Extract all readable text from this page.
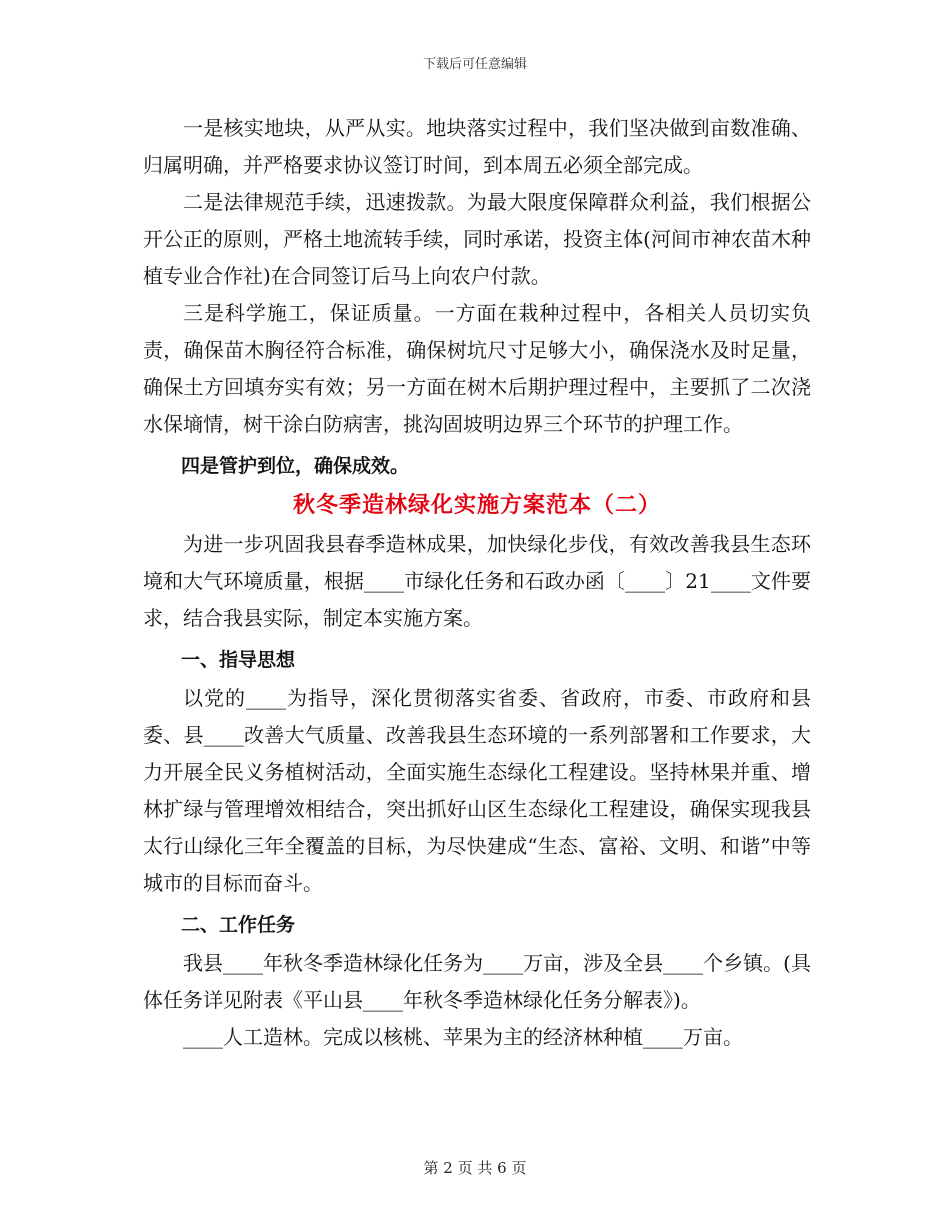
下载后可任意编辑

一是核实地块，从严从实。地块落实过程中，我们坚决做到亩数准确、归属明确，并严格要求协议签订时间，到本周五必须全部完成。

二是法律规范手续，迅速拨款。为最大限度保障群众利益，我们根据公开公正的原则，严格土地流转手续，同时承诺，投资主体(河间市神农苗木种植专业合作社)在合同签订后马上向农户付款。

三是科学施工，保证质量。一方面在栽种过程中，各相关人员切实负责，确保苗木胸径符合标准，确保树坑尺寸足够大小，确保浇水及时足量，确保土方回填夯实有效；另一方面在树木后期护理过程中，主要抓了二次浇水保墒情，树干涂白防病害，挑沟固坡明边界三个环节的护理工作。

四是管护到位，确保成效。

秋冬季造林绿化实施方案范本（二）

为进一步巩固我县春季造林成果，加快绿化步伐，有效改善我县生态环境和大气环境质量，根据____市绿化任务和石政办函〔____〕21____文件要求，结合我县实际，制定本实施方案。

一、指导思想

以党的____为指导，深化贯彻落实省委、省政府，市委、市政府和县委、县____改善大气质量、改善我县生态环境的一系列部署和工作要求，大力开展全民义务植树活动，全面实施生态绿化工程建设。坚持林果并重、增林扩绿与管理增效相结合，突出抓好山区生态绿化工程建设，确保实现我县太行山绿化三年全覆盖的目标，为尽快建成“生态、富裕、文明、和谐”中等城市的目标而奋斗。

二、工作任务

我县____年秋冬季造林绿化任务为____万亩，涉及全县____个乡镇。(具体任务详见附表《平山县____年秋冬季造林绿化任务分解表》)。

____人工造林。完成以核桃、苹果为主的经济林种植____万亩。

第 2 页 共 6 页
